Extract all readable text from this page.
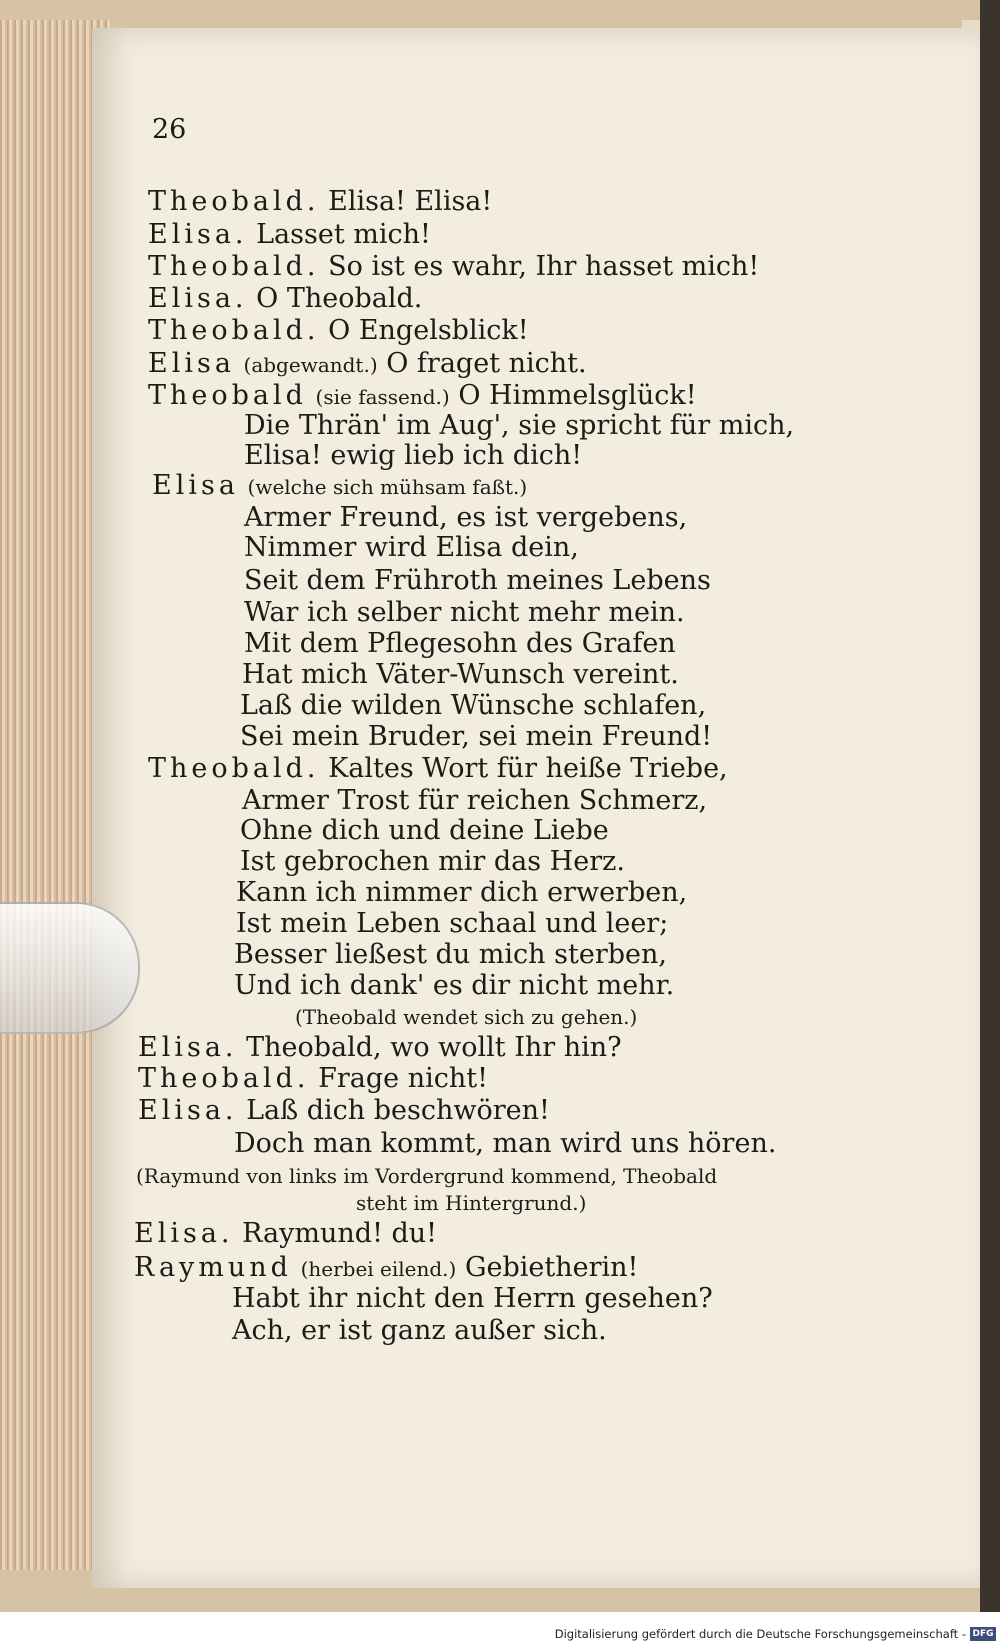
26
Theobald. Elisa! Elisa!
Elisa. Lasset mich!
Theobald. So ist es wahr, Ihr hasset mich!
Elisa. O Theobald.
Theobald. O Engelsblick!
Elisa (abgewandt.) O fraget nicht.
Theobald (sie fassend.) O Himmelsglück!
Die Thrän' im Aug', sie spricht für mich,
Elisa! ewig lieb ich dich!
Elisa (welche sich mühsam faßt.)
Armer Freund, es ist vergebens,
Nimmer wird Elisa dein,
Seit dem Frühroth meines Lebens
War ich selber nicht mehr mein.
Mit dem Pflegesohn des Grafen
Hat mich Väter-Wunsch vereint.
Laß die wilden Wünsche schlafen,
Sei mein Bruder, sei mein Freund!
Theobald. Kaltes Wort für heiße Triebe,
Armer Trost für reichen Schmerz,
Ohne dich und deine Liebe
Ist gebrochen mir das Herz.
Kann ich nimmer dich erwerben,
Ist mein Leben schaal und leer;
Besser ließest du mich sterben,
Und ich dank' es dir nicht mehr.
(Theobald wendet sich zu gehen.)
Elisa. Theobald, wo wollt Ihr hin?
Theobald. Frage nicht!
Elisa. Laß dich beschwören!
Doch man kommt, man wird uns hören.
(Raymund von links im Vordergrund kommend, Theobald
steht im Hintergrund.)
Elisa. Raymund! du!
Raymund (herbei eilend.) Gebietherin!
Habt ihr nicht den Herrn gesehen?
Ach, er ist ganz außer sich.
Digitalisierung gefördert durch die Deutsche Forschungsgemeinschaft - DFG
